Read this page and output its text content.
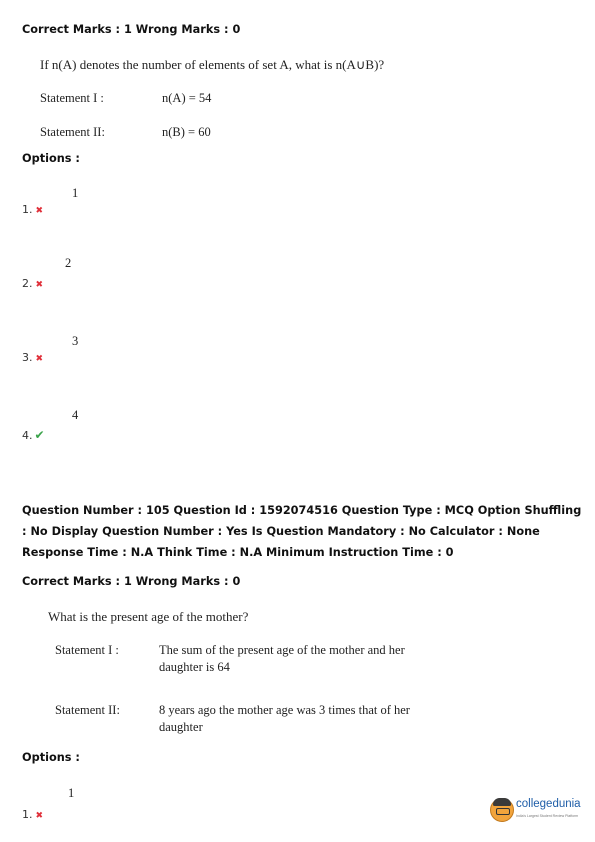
Correct Marks : 1 Wrong Marks : 0
If n(A) denotes the number of elements of set A, what is n(A∪B)?
Statement I :	n(A) = 54
Statement II:	n(B) = 60
Options :
1
1. ✖
2
2. ✖
3
3. ✖
4
4. ✔
Question Number : 105 Question Id : 1592074516 Question Type : MCQ Option Shuffling : No Display Question Number : Yes Is Question Mandatory : No Calculator : None Response Time : N.A Think Time : N.A Minimum Instruction Time : 0
Correct Marks : 1 Wrong Marks : 0
What is the present age of the mother?
Statement I :	The sum of the present age of the mother and her
daughter is 64
Statement II:	8 years ago the mother age was 3 times that of her
daughter
Options :
1
1. ✖
collegedunia
India's Largest Student Review Platform
